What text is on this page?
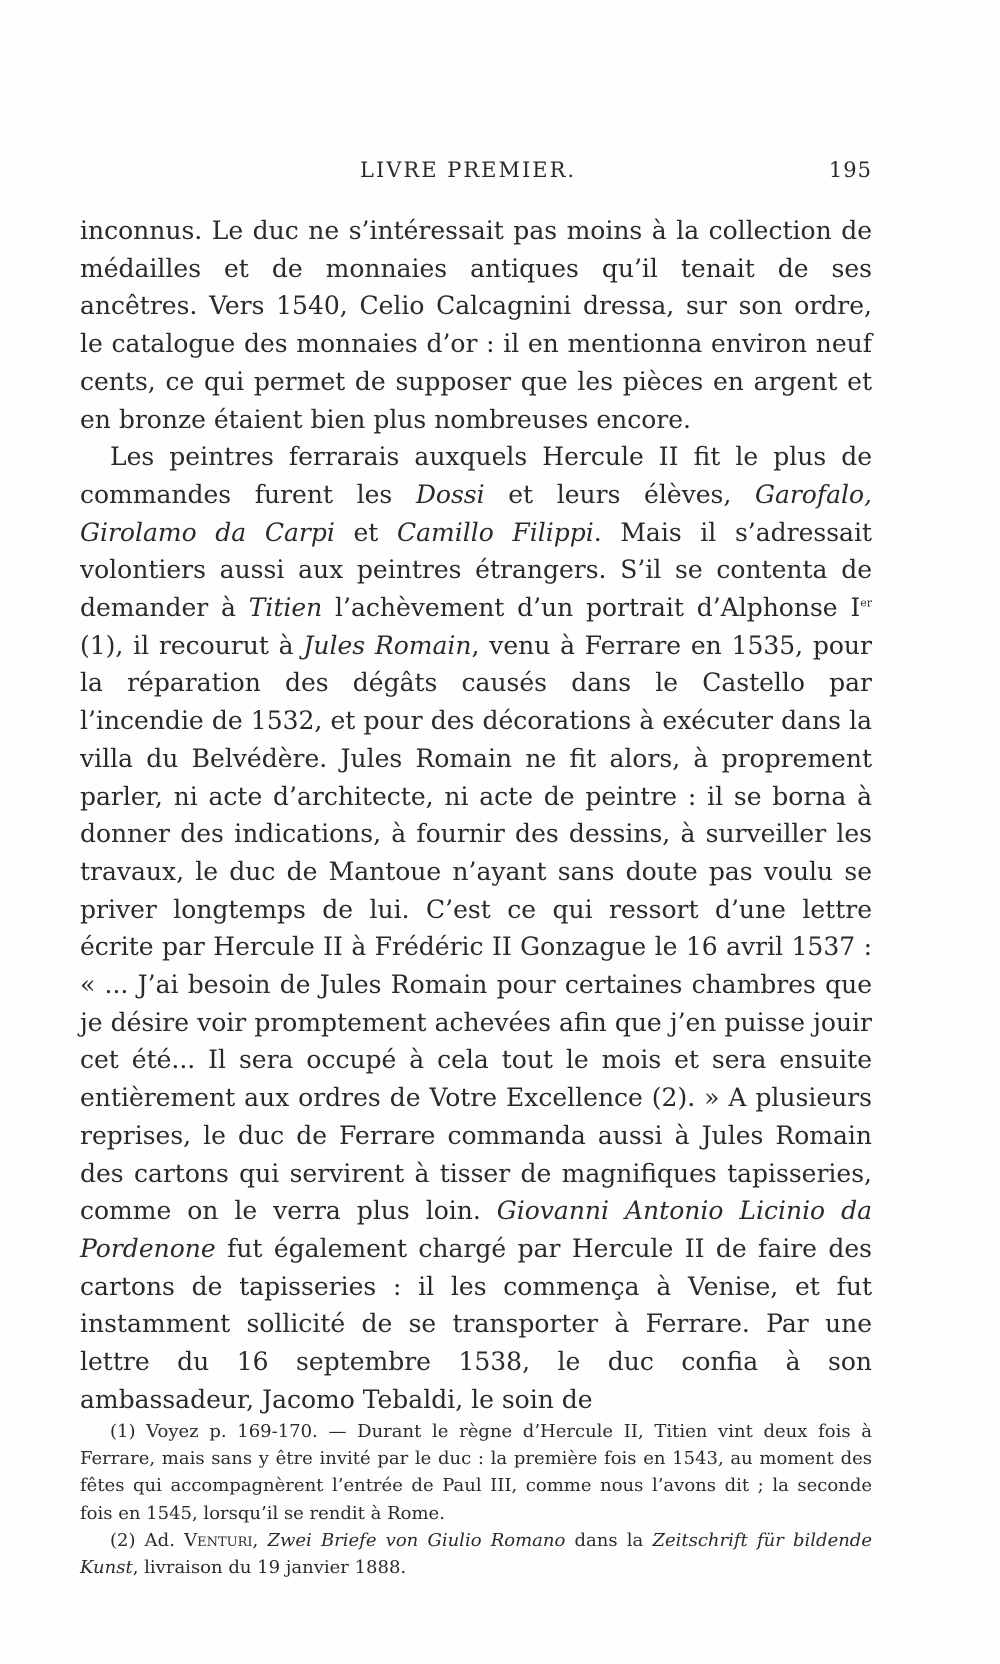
LIVRE PREMIER.	195

inconnus. Le duc ne s’intéressait pas moins à la collection de médailles et de monnaies antiques qu’il tenait de ses ancêtres. Vers 1540, Celio Calcagnini dressa, sur son ordre, le catalogue des monnaies d’or : il en mentionna environ neuf cents, ce qui permet de supposer que les pièces en argent et en bronze étaient bien plus nombreuses encore.

Les peintres ferrarais auxquels Hercule II fit le plus de commandes furent les Dossi et leurs élèves, Garofalo, Girolamo da Carpi et Camillo Filippi. Mais il s’adressait volontiers aussi aux peintres étrangers. S’il se contenta de demander à Titien l’achèvement d’un portrait d’Alphonse Ier (1), il recourut à Jules Romain, venu à Ferrare en 1535, pour la réparation des dégâts causés dans le Castello par l’incendie de 1532, et pour des décorations à exécuter dans la villa du Belvédère. Jules Romain ne fit alors, à proprement parler, ni acte d’architecte, ni acte de peintre : il se borna à donner des indications, à fournir des dessins, à surveiller les travaux, le duc de Mantoue n’ayant sans doute pas voulu se priver longtemps de lui. C’est ce qui ressort d’une lettre écrite par Hercule II à Frédéric II Gonzague le 16 avril 1537 : « ... J’ai besoin de Jules Romain pour certaines chambres que je désire voir promptement achevées afin que j’en puisse jouir cet été... Il sera occupé à cela tout le mois et sera ensuite entièrement aux ordres de Votre Excellence (2). » A plusieurs reprises, le duc de Ferrare commanda aussi à Jules Romain des cartons qui servirent à tisser de magnifiques tapisseries, comme on le verra plus loin. Giovanni Antonio Licinio da Pordenone fut également chargé par Hercule II de faire des cartons de tapisseries : il les commença à Venise, et fut instamment sollicité de se transporter à Ferrare. Par une lettre du 16 septembre 1538, le duc confia à son ambassadeur, Jacomo Tebaldi, le soin de

(1) Voyez p. 169-170. — Durant le règne d’Hercule II, Titien vint deux fois à Ferrare, mais sans y être invité par le duc : la première fois en 1543, au moment des fêtes qui accompagnèrent l’entrée de Paul III, comme nous l’avons dit ; la seconde fois en 1545, lorsqu’il se rendit à Rome.

(2) Ad. Venturi, Zwei Briefe von Giulio Romano dans la Zeitschrift für bildende Kunst, livraison du 19 janvier 1888.
